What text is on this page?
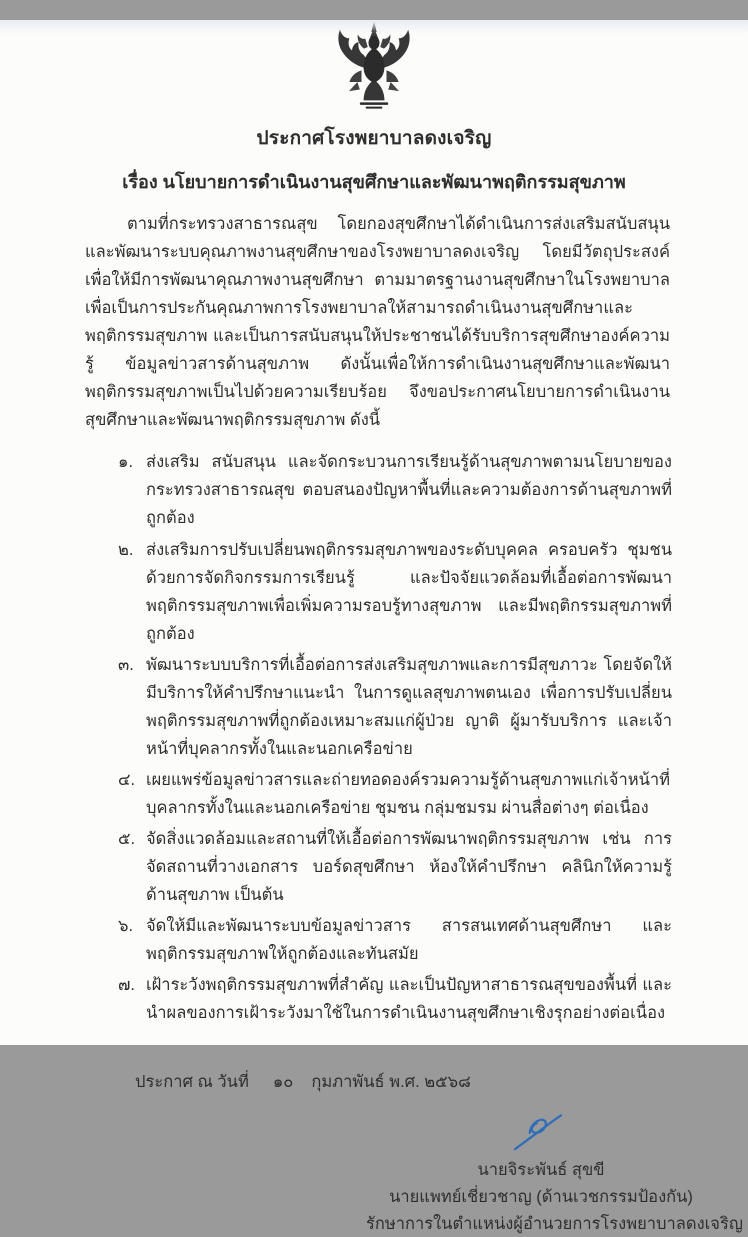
ประกาศโรงพยาบาลดงเจริญ
เรื่อง นโยบายการดำเนินงานสุขศึกษาและพัฒนาพฤติกรรมสุขภาพ

ตามที่กระทรวงสาธารณสุข โดยกองสุขศึกษาได้ดำเนินการส่งเสริมสนับสนุนและพัฒนาระบบคุณภาพงานสุขศึกษาของโรงพยาบาลดงเจริญ โดยมีวัตถุประสงค์เพื่อให้มีการพัฒนาคุณภาพงานสุขศึกษา ตามมาตรฐานงานสุขศึกษาในโรงพยาบาล เพื่อเป็นการประกันคุณภาพการโรงพยาบาลให้สามารถดำเนินงานสุขศึกษาและพฤติกรรมสุขภาพ และเป็นการสนับสนุนให้ประชาชนได้รับบริการสุขศึกษาองค์ความรู้ ข้อมูลข่าวสารด้านสุขภาพ ดังนั้นเพื่อให้การดำเนินงานสุขศึกษาและพัฒนาพฤติกรรมสุขภาพเป็นไปด้วยความเรียบร้อย จึงขอประกาศนโยบายการดำเนินงานสุขศึกษาและพัฒนาพฤติกรรมสุขภาพ ดังนี้

๑. ส่งเสริม สนับสนุน และจัดกระบวนการเรียนรู้ด้านสุขภาพตามนโยบายของกระทรวงสาธารณสุข ตอบสนองปัญหาพื้นที่และความต้องการด้านสุขภาพที่ถูกต้อง
๒. ส่งเสริมการปรับเปลี่ยนพฤติกรรมสุขภาพของระดับบุคคล ครอบครัว ชุมชน ด้วยการจัดกิจกรรมการเรียนรู้ และปัจจัยแวดล้อมที่เอื้อต่อการพัฒนาพฤติกรรมสุขภาพเพื่อเพิ่มความรอบรู้ทางสุขภาพ และมีพฤติกรรมสุขภาพที่ถูกต้อง
๓. พัฒนาระบบบริการที่เอื้อต่อการส่งเสริมสุขภาพและการมีสุขภาวะ โดยจัดให้มีบริการให้คำปรึกษาแนะนำ ในการดูแลสุขภาพตนเอง เพื่อการปรับเปลี่ยนพฤติกรรมสุขภาพที่ถูกต้องเหมาะสมแก่ผู้ป่วย ญาติ ผู้มารับบริการ และเจ้าหน้าที่บุคลากรทั้งในและนอกเครือข่าย
๔. เผยแพร่ข้อมูลข่าวสารและถ่ายทอดองค์รวมความรู้ด้านสุขภาพแก่เจ้าหน้าที่บุคลากรทั้งในและนอกเครือข่าย ชุมชน กลุ่มชมรม ผ่านสื่อต่างๆ ต่อเนื่อง
๕. จัดสิ่งแวดล้อมและสถานที่ให้เอื้อต่อการพัฒนาพฤติกรรมสุขภาพ เช่น การจัดสถานที่วางเอกสาร บอร์ดสุขศึกษา ห้องให้คำปรึกษา คลินิกให้ความรู้ด้านสุขภาพ เป็นต้น
๖. จัดให้มีและพัฒนาระบบข้อมูลข่าวสาร สารสนเทศด้านสุขศึกษา และพฤติกรรมสุขภาพให้ถูกต้องและทันสมัย
๗. เฝ้าระวังพฤติกรรมสุขภาพที่สำคัญ และเป็นปัญหาสาธารณสุขของพื้นที่ และนำผลของการเฝ้าระวังมาใช้ในการดำเนินงานสุขศึกษาเชิงรุกอย่างต่อเนื่อง
ประกาศ ณ วันที่ ๑๐ กุมภาพันธ์ พ.ศ. ๒๕๖๘
นายจิระพันธ์ สุขขี
นายแพทย์เชี่ยวชาญ (ด้านเวชกรรมป้องกัน)
รักษาการในตำแหน่งผู้อำนวยการโรงพยาบาลดงเจริญ
